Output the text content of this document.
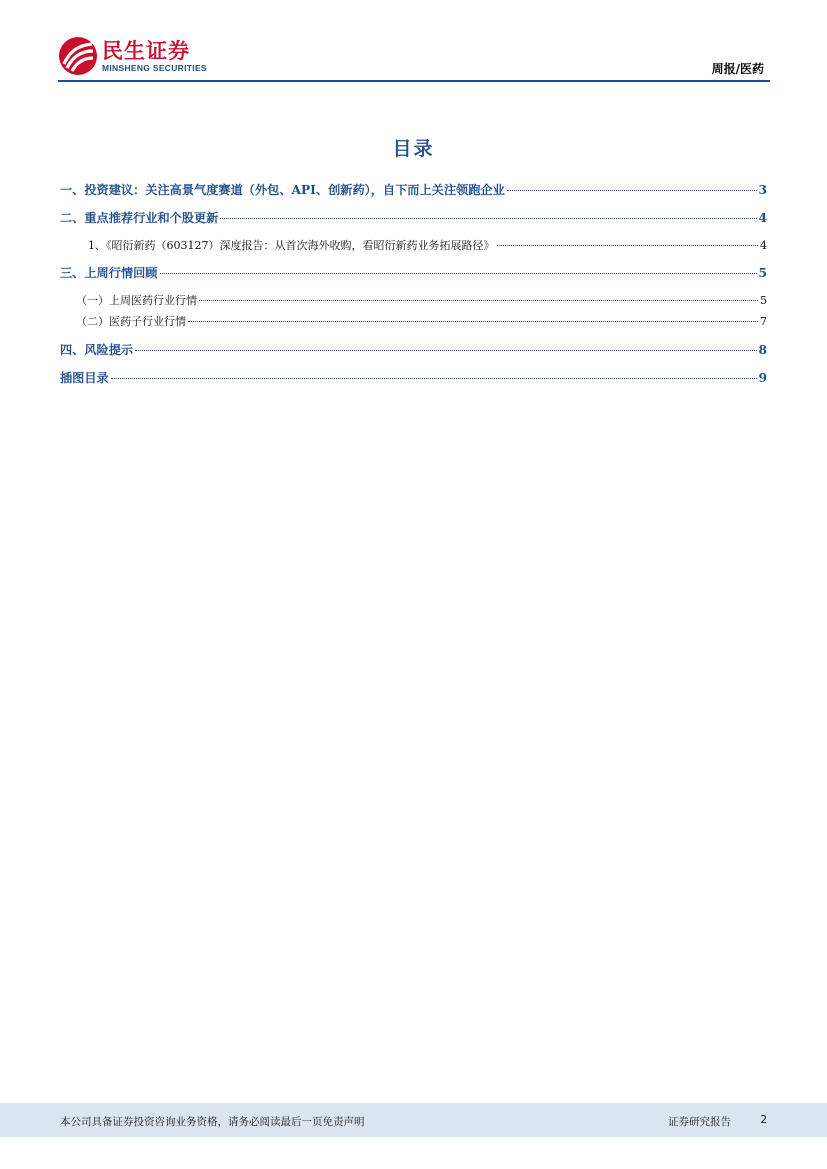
民生证券
MINSHENG SECURITIES	周报/医药
目录
一、投资建议：关注高景气度赛道（外包、API、创新药），自下而上关注领跑企业	3
二、重点推荐行业和个股更新	4
1、《昭衍新药（603127）深度报告：从首次海外收购，看昭衍新药业务拓展路径》	4
三、上周行情回顾	5
（一）上周医药行业行情	5
（二）医药子行业行情	7
四、风险提示	8
插图目录	9
本公司具备证券投资咨询业务资格，请务必阅读最后一页免责声明	证券研究报告	2
